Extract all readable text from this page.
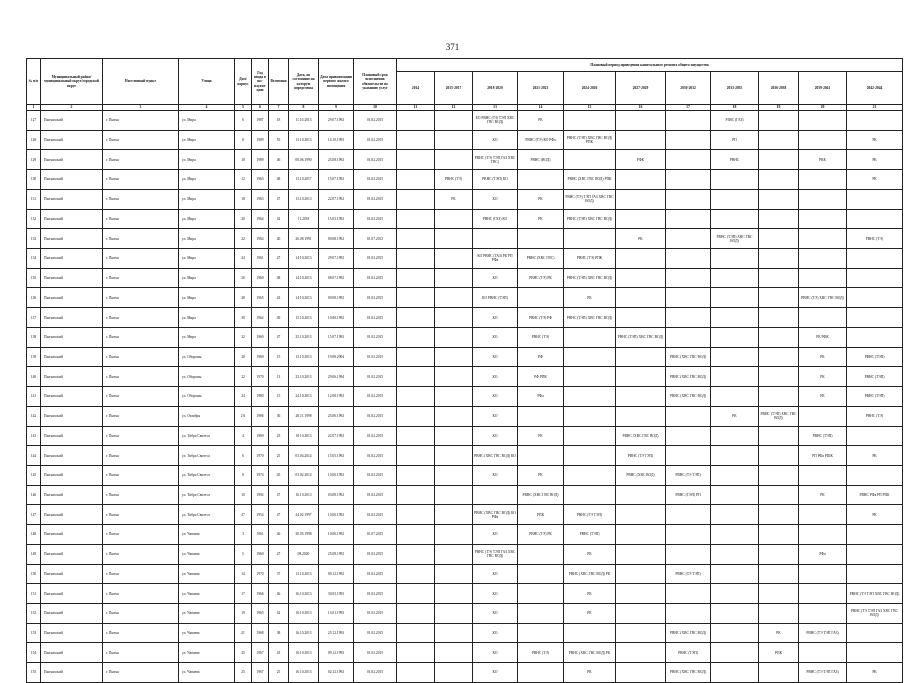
371
№ п/п	Муниципальный район/ муниципальный округ/городской округ	Населенный пункт	Улица	Дом/ корпус	Год ввода в экс-плуата-цию	Величина	Дата, по состоянию на которую определены	Дата приватизации первого жилого помещения	Плановый срок исполнения обязательств по указанию услуг	Плановый период проведения капитального ремонта общего имущества										
										2014	2015-2017	2018-2020	2021-2023	2024-2026	2027-2029	2030-2032	2033-2035	2036-2038	2039-2041	2042-2044
1	2	3	4	5	6	7	8	9	10	11	12	13	14	15	16	17	18	19	20	21
127	Пытьяхский	г. Пытья	ул. Мира	6	1987	18	11.10.2013	29.07.1992	01.02.2015			ЕО РВНС (ТЗ) ТЭП ХВС ГВС ВОД)	РК				РЗВС (ГАЗ)			
128	Пытьяхский	г. Пытья	ул. Мира	8	1989	55	13.10.2013	14.10.1993	01.02.2015			КО	РВНС (ТЭ) КО РФа	РВНС (ТЭП) ХВС ГВС ВОД) РПК			РП			РК
129	Пытьяхский	г. Пытья	ул. Мира	10	1989	46	08.06.1990	25.08.1992	01.02.2015			РВНС (ТЭ) ТЭП ГАЗ ХВС ГВС)	РВНС (ВОД)		РФК		РВНС		РКК	РК
130	Пытьяхский	г. Пытья	ул. Мира	12	1963	48	13.10.2017	15.07.1992	01.02.2015		РВНС (ТЭ)	РВНС (ТЭП) КО		РВНС (ХВС ГВС ВОД) РПК						РК
131	Пытьяхский	г. Пытья	ул. Мира	18	1963	47	13.10.2013	22.07.1992	01.02.2015		РК	КО	РК	РВНС (ТЭ) ТЭП ГАЗ ХВС ГВС ВОД)						
132	Пытьяхский	г. Пытья	ул. Мира	20	1964	42	11.2018	15.03.1992	01.02.2015			РВНС (ГАЗ) КО	РК	РВНС (ТЭП) ХВС ГВС ВОД)						
133	Пытьяхский	г. Пытья	ул. Мира	22	1964	40	26.08.1991	09.08.1992	01.07.2013						РК		РВНС (ТЭП) ХВС ГВС ВОД)			РВНС (ТЭ)
134	Пытьяхский	г. Пытья	ул. Мира	24	1961	47	14.10.2013	29.07.1992	01.02.2015			КО РВНС (ГАЗ) РК РП РФа	РВНС (ХВС ГВС)	РВНС (ТЭ) РПК						
135	Пытьяхский	г. Пытья	ул. Мира	26	1960	48	14.10.2013	08.07.1992	01.02.2015			КО	РВНС (ТЭ) РК	РВНС (ТЭП) ХВС ГВС ВОД)						
136	Пытьяхский	г. Пытья	ул. Мира	28	1965	43	14.10.2013	09.08.1992	01.02.2015			КО РВНС (ТЭП)		РК					РВНС (ТЭ) ХВС ГВС ВОД)	
137	Пытьяхский	г. Пытья	ул. Мира	30	1962	49	15.10.2013	10.08.1992	01.02.2015			КО	РВНС (ТЭ) РФ	РВНС (ТЭП) ХВС ГВС ВОД)						
138	Пытьяхский	г. Пытья	ул. Мира	32	1960	47	25.10.2013	15.07.1992	01.02.2015			КО	РВНС (ТЭ)		РВНС (ТЭП) ХВС ГВС ВОД)				РК РФК	
139	Пытьяхский	г. Пытья	ул. Обороны	20	1969	15	13.10.2013	19.08.2004	01.02.2015			КО	РФ			РВНС (ХВС ГВС ВОД)			РК	РВНС (ТЭП)
140	Пытьяхский	г. Пытья	ул. Обороны	22	1970	13	23.10.2013	29.06.1994	01.02.2015			КО	РФ РПК			РВНС (ХВС ГВС ВОД)			РК	РВНС (ТЭП)
141	Пытьяхский	г. Пытья	ул. Обороны	24	1980	15	24.10.2013	12.08.1992	01.02.2015			КО	РФа			РВНС (ХВС ГВС ВОД)			РК	РВНС (ТЭП)
142	Пытьяхский	г. Пытья	ул. Октября	2А	1986	36	28.11.1998	25.06.1992	01.02.2015			КО					РК	РВНС (ТЭП) ХВС ГВС ВОД)		РВНС (ТЭ)
143	Пытьяхский	г. Пытья	ул. Тибра Свиттса	4	1969	25	18.10.2013	22.07.1992	01.02.2015			КО	РК		РВНС (ХВС ГВС ВОД)				РВНС (ТЭП)	
144	Пытьяхский	г. Пытья	ул. Тибра Свиттса	6	1970	25	03.04.2014	15.05.1992	01.02.2015			РВНС (ХВС ГВС ВОД) КО			РВНС (ТЭ ТЭП)				РП РФа РШК	РК
145	Пытьяхский	г. Пытья	ул. Тибра Свиттса	8	1974	45	03.02.2014	10.06.1992	01.02.2015			КО	РК		РВНС (ХВС ВОД)	РВНС (ТЭ ТЭП)				
146	Пытьяхский	г. Пытья	ул. Тибра Свиттса	10	1992	47	16.10.2013	03.08.1992	01.02.2015				РВНС (ХВС ГВС ВОД)			РВНС (ТЭП) РП			РК	РВНС РФа РП РПК
147	Пытьяхский	г. Пытья	ул. Тибра Свиттса	37	1954	47	24.02.1997	10.06.1992	01.02.2015			РВНС (ХВС ГВС ВОД) КО РФа	РПК	РВНС (ТЭ ТЭП)						РК
148	Пытьяхский	г. Пытья	ул. Чапаева	3	1961	46	30.05.1998	10.06.1992	01.07.2015			КО	РВНС (ТЭ) РК	РВНС (ТЭП)						
149	Пытьяхский	г. Пытья	ул. Чапаева	5	1960	47	08.2020	25.08.1992	01.02.2015			РВНС (ТЭ) ТЭП ГАЗ ХВС ГВС ВОД)		РК					РФа	
150	Пытьяхский	г. Пытья	ул. Чапаева	14	1970	37	13.10.2013	09.12.1992	01.02.2015			КО		РВНС (ХВС ГВС ВОД) РК		РВНС (ТЭ ТЭП)				
151	Пытьяхский	г. Пытья	ул. Чапаева	17	1966	26	16.10.2013	30.03.1993	01.02.2015			КО		РК						РВНС (ТЭ ТЭП ХВС ГВС ВОД)
152	Пытьяхский	г. Пытья	ул. Чапаева	19	1965	42	16.10.2013	13.01.1993	01.02.2015			КО		РК						РВНС (ТЭ ТЭП ГАЗ ХВС ГВС ВОД)
153	Пытьяхский	г. Пытья	ул. Чапаева	21	1968	38	16.10.2013	23.12.1993	01.02.2015			КО				РВНС (ХВС ГВС ВОД)		РК	РВНС (ТЭ ТЭП ГАЗ)	
154	Пытьяхский	г. Пытья	ул. Чапаева	25	1967	43	16.10.2013	09.12.1993	01.02.2015			КО	РВНС (ТЭ)	РВНС (ХВС ГВС ВОД) РК		РВНС (ТЭП)		РПК		
155	Пытьяхский	г. Пытья	ул. Чапаева	25	1967	25	16.10.2013	02.12.1992	01.02.2015			КО		РК		РВНС (ХВС ГВС ВОД)			РВНС (ТЭ ТЭП ГАЗ)	РК
